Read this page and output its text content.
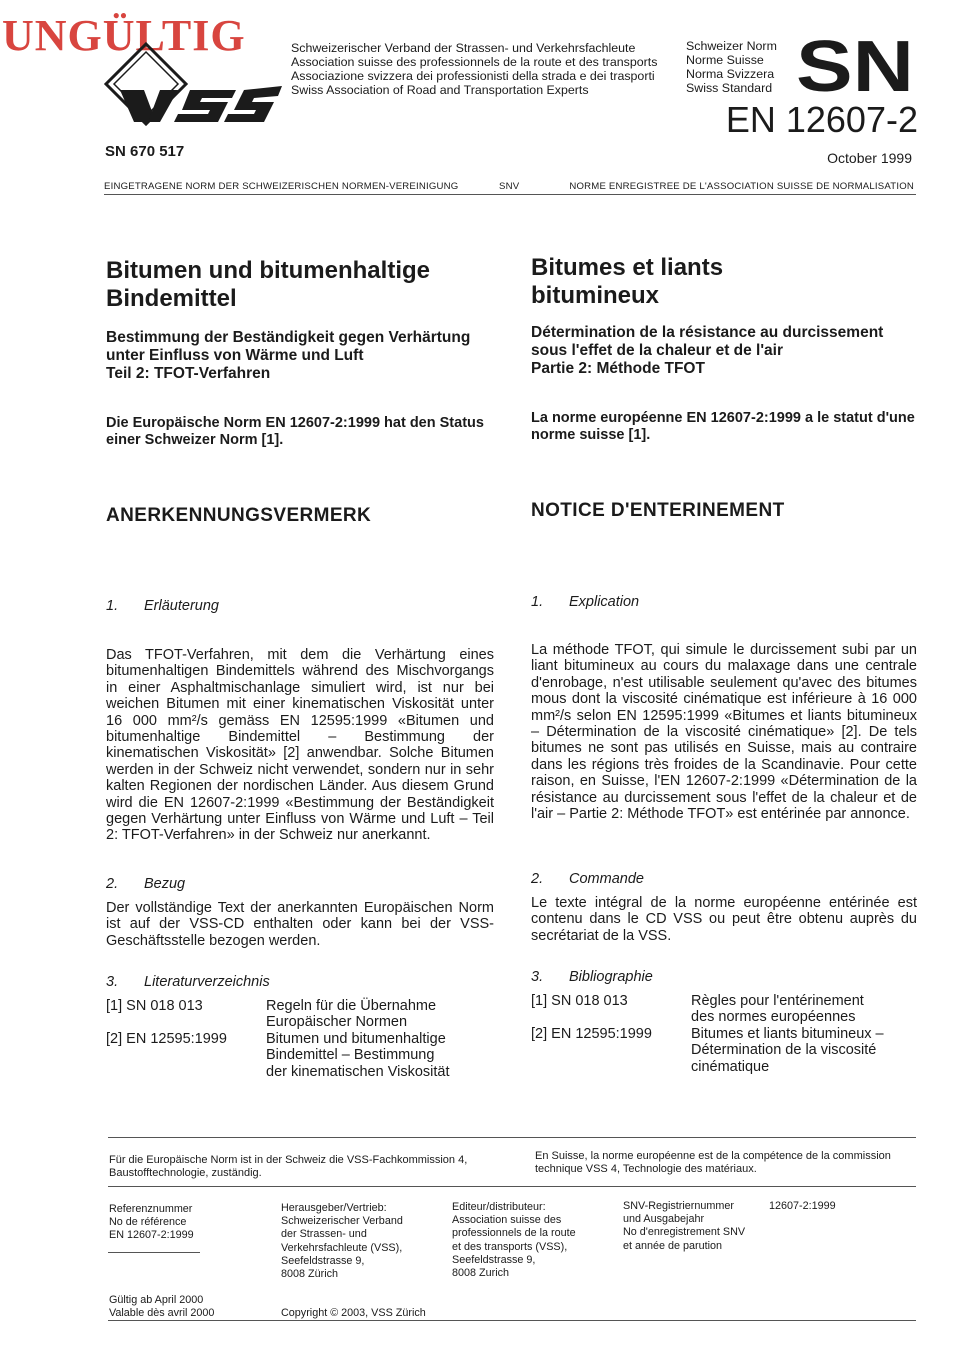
UNGÜLTIG	Schweizerischer Verband der Strassen- und Verkehrsfachleute
Association suisse des professionnels de la route et des transports
Associazione svizzera dei professionisti della strada e dei trasporti
Swiss Association of Road and Transportation Experts
Schweizer Norm
Norme Suisse
Norma Svizzera
Swiss Standard SN
EN 12607-2
October 1999
SN 670 517
EINGETRAGENE NORM DER SCHWEIZERISCHEN NORMEN-VEREINIGUNG	SNV	NORME ENREGISTREE DE L'ASSOCIATION SUISSE DE NORMALISATION
Bitumen und bitumenhaltige
Bindemittel
Bestimmung der Beständigkeit gegen Verhärtung
unter Einfluss von Wärme und Luft
Teil 2: TFOT-Verfahren
Die Europäische Norm EN 12607-2:1999 hat den Status
einer Schweizer Norm [1].
ANERKENNUNGSVERMERK
1. Erläuterung
Das TFOT-Verfahren, mit dem die Verhärtung eines bitumenhaltigen Bindemittels während des Mischvorgangs in einer Asphaltmischanlage simuliert wird, ist nur bei weichen Bitumen mit einer kinematischen Viskosität unter 16 000 mm²/s gemäss EN 12595:1999 «Bitumen und bitumenhaltige Bindemittel – Bestimmung der kinematischen Viskosität» [2] anwendbar. Solche Bitumen werden in der Schweiz nicht verwendet, sondern nur in sehr kalten Regionen der nordischen Länder. Aus diesem Grund wird die EN 12607-2:1999 «Bestimmung der Beständigkeit gegen Verhärtung unter Einfluss von Wärme und Luft – Teil 2: TFOT-Verfahren» in der Schweiz nur anerkannt.
2. Bezug
Der vollständige Text der anerkannten Europäischen Norm ist auf der VSS-CD enthalten oder kann bei der VSS-Geschäftsstelle bezogen werden.
3. Literaturverzeichnis
[1] SN 018 013	Regeln für die Übernahme
Europäischer Normen
[2] EN 12595:1999	Bitumen und bitumenhaltige
Bindemittel – Bestimmung
der kinematischen Viskosität
Bitumes et liants
bitumineux
Détermination de la résistance au durcissement
sous l'effet de la chaleur et de l'air
Partie 2: Méthode TFOT
La norme européenne EN 12607-2:1999 a le statut d'une
norme suisse [1].
NOTICE D'ENTERINEMENT
1. Explication
La méthode TFOT, qui simule le durcissement subi par un liant bitumineux au cours du malaxage dans une centrale d'enrobage, n'est utilisable seulement qu'avec des bitumes mous dont la viscosité cinématique est inférieure à 16 000 mm²/s selon EN 12595:1999 «Bitumes et liants bitumineux – Détermination de la viscosité cinématique» [2]. De tels bitumes ne sont pas utilisés en Suisse, mais au contraire dans les régions très froides de la Scandinavie. Pour cette raison, en Suisse, l'EN 12607-2:1999 «Détermination de la résistance au durcissement sous l'effet de la chaleur et de l'air – Partie 2: Méthode TFOT» est entérinée par annonce.
2. Commande
Le texte intégral de la norme européenne entérinée est contenu dans le CD VSS ou peut être obtenu auprès du secrétariat de la VSS.
3. Bibliographie
[1] SN 018 013	Règles pour l'entérinement
des normes européennes
[2] EN 12595:1999	Bitumes et liants bitumineux –
Détermination de la viscosité
cinématique
Für die Europäische Norm ist in der Schweiz die VSS-Fachkommission 4,
Baustofftechnologie, zuständig.
En Suisse, la norme européenne est de la compétence de la commission
technique VSS 4, Technologie des matériaux.
Referenznummer
No de référence
EN 12607-2:1999
Herausgeber/Vertrieb:
Schweizerischer Verband
der Strassen- und
Verkehrsfachleute (VSS),
Seefeldstrasse 9,
8008 Zürich
Editeur/distributeur:
Association suisse des
professionnels de la route
et des transports (VSS),
Seefeldstrasse 9,
8008 Zurich
SNV-Registriernummer
und Ausgabejahr
No d'enregistrement SNV
et année de parution
12607-2:1999
Gültig ab April 2000
Valable dès avril 2000	Copyright © 2003, VSS Zürich
